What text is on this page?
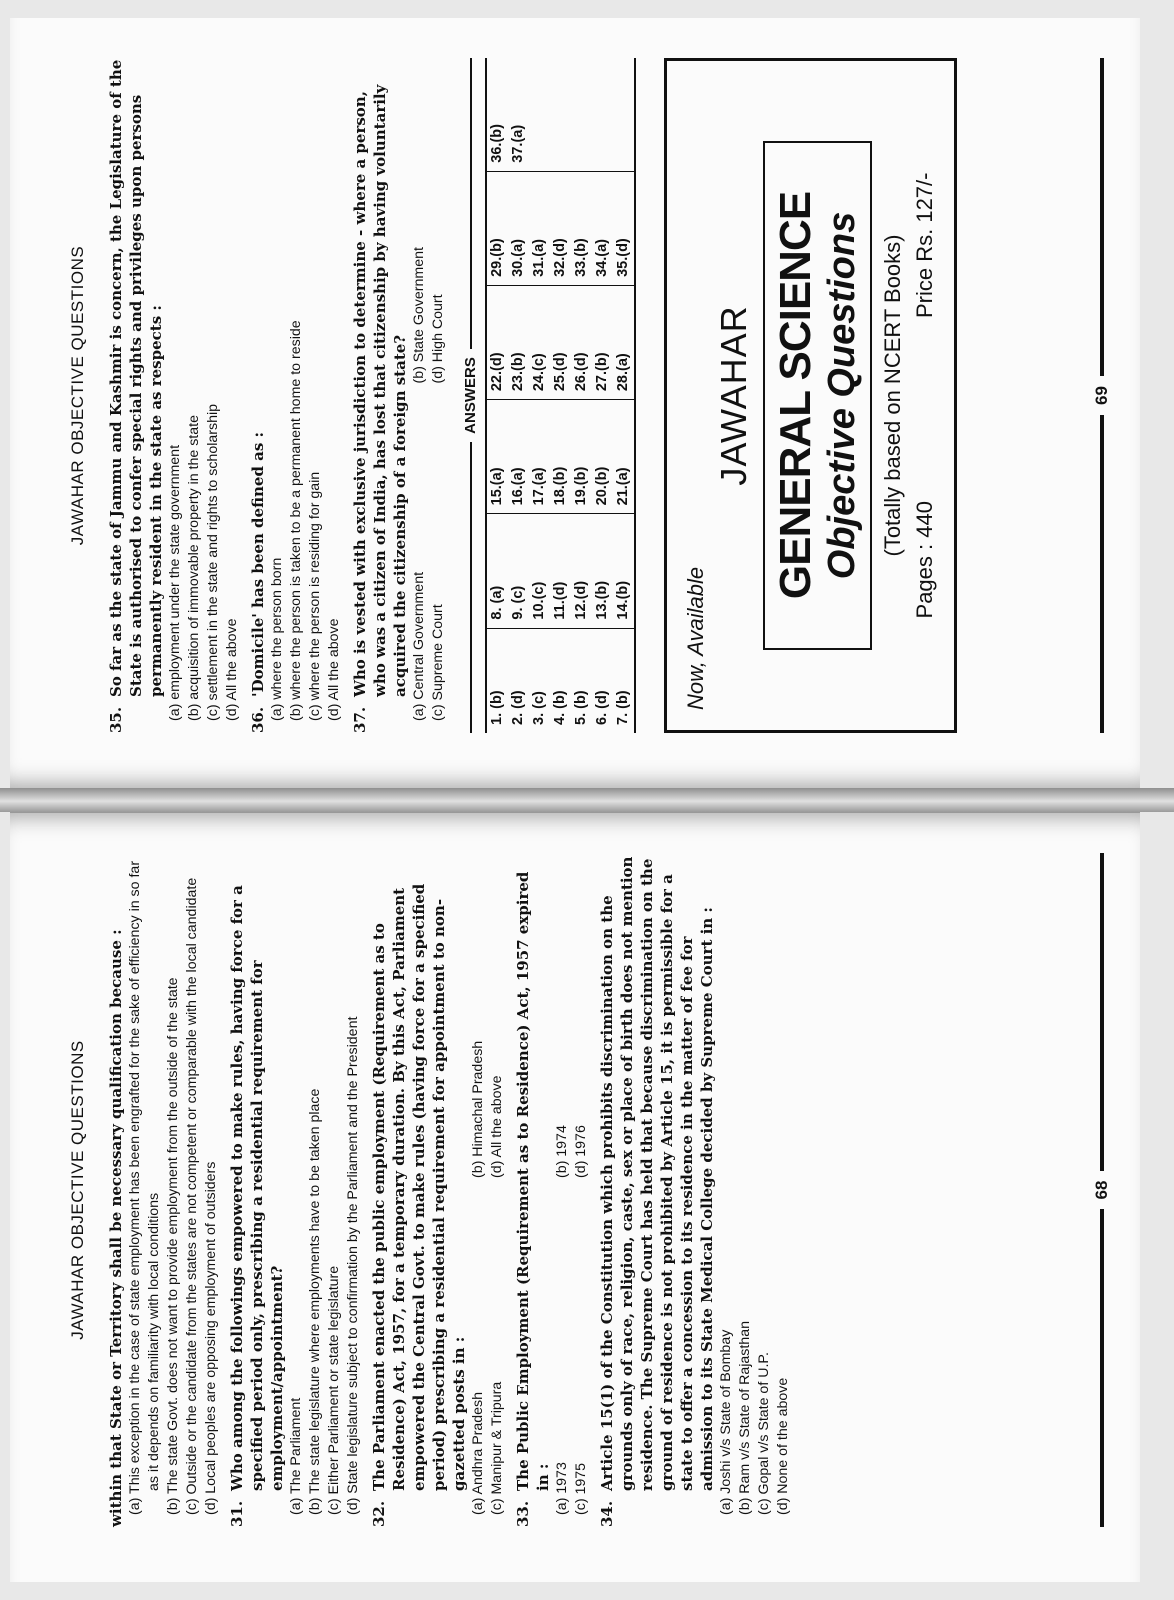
JAWAHAR OBJECTIVE QUESTIONS within that State or Territory shall be necessary qualification because : (a) This exception in the case of state employment has been engrafted for the sake of efficiency in so far as it depends on familiarity with local conditions (b) The state Govt. does not want to provide employment from the outside of the state (c) Outside or the candidate from the states are not competent or comparable with the local candidate (d) Local peoples are opposing employment of outsiders 31.
Who among the followings empowered to make rules, having force for a specified period only, prescribing a residential requirement for employment/appointment? (a) The Parliament (b) The state legislature where employments have to be taken place (c) Either Parliament or state legislature (d) State legislature subject to confirmation by the Parliament and the President 32.
The Parliament enacted the public employment (Requirement as to Residence) Act, 1957, for a temporary duration. By this Act, Parliament empowered the Central Govt. to make rules (having force for a specified period) prescribing a residential requirement for appointment to non-gazetted posts in : (a) Andhra Pradesh
(b) Himachal Pradesh
(c) Manipur & Tripura
(d) All the above
33.
The Public Employment (Requirement as to Residence) Act, 1957 expired in : (a) 1973
(b) 1974
(c) 1975
(d) 1976
34.
Article 15(1) of the Constitution which prohibits discrimination on the grounds only of race, religion, caste, sex or place of birth does not mention residence. The Supreme Court has held that because discrimination on the ground of residence is not prohibited by Article 15, it is permissible for a state to offer a concession to its residence in the matter of fee for admission to its State Medical College decided by Supreme Court in : (a) Joshi v/s State of Bombay (b) Ram v/s State of Rajasthan (c) Gopal v/s State of U.P. (d) None of the above
68
JAWAHAR OBJECTIVE QUESTIONS
35.
So far as the state of Jammu and Kashmir is concern, the Legislature of the State is authorised to confer special rights and privileges upon persons permanently resident in the state as respects : (a) employment under the state government (b) acquisition of immovable property in the state (c) settlement in the state and rights to scholarship (d) All the above 36.
'Domicile' has been defined as : (a) where the person born (b) where the person is taken to be a permanent home to reside (c) where the person is residing for gain (d) All the above 37.
Who is vested with exclusive jurisdiction to determine - where a person, who was a citizen of India, has lost that citizenship by having voluntarily acquired the citizenship of a foreign state? (a) Central Government
(b) State Government
(c) Supreme Court
(d) High Court
ANSWERS
1. (b)	8. (a)	15.(a)	22.(d)	29.(b)	36.(b)
2. (d)	9. (c)	16.(a)	23.(b)	30.(a)	37.(a)
3. (c)	10.(c)	17.(a)	24.(c)	31.(a)	
4. (b)	11.(d)	18.(b)	25.(d)	32.(d)	
5. (b)	12.(d)	19.(b)	26.(d)	33.(b)	
6. (d)	13.(b)	20.(b)	27.(b)	34.(a)	
7. (b)	14.(b)	21.(a)	28.(a)	35.(d)	
Now, Available
JAWAHAR GENERAL SCIENCE Objective Questions (Totally based on NCERT Books)
Pages : 440
Price Rs. 127/-
69
